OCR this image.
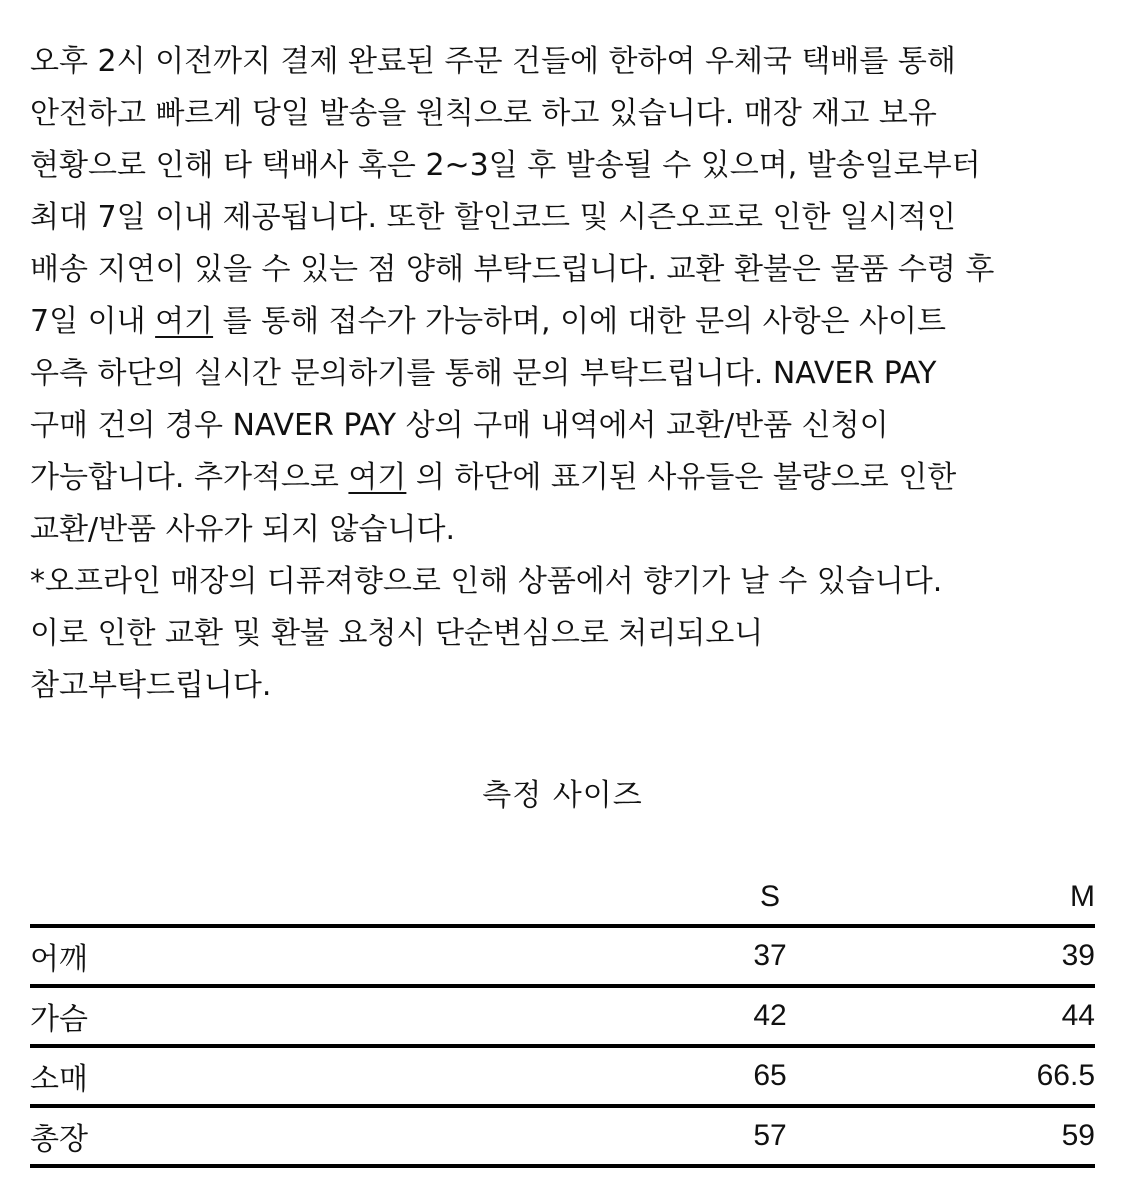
오후 2시 이전까지 결제 완료된 주문 건들에 한하여 우체국 택배를 통해
안전하고 빠르게 당일 발송을 원칙으로 하고 있습니다. 매장 재고 보유
현황으로 인해 타 택배사 혹은 2~3일 후 발송될 수 있으며, 발송일로부터
최대 7일 이내 제공됩니다. 또한 할인코드 및 시즌오프로 인한 일시적인
배송 지연이 있을 수 있는 점 양해 부탁드립니다. 교환 환불은 물품 수령 후
7일 이내 여기 를 통해 접수가 가능하며, 이에 대한 문의 사항은 사이트
우측 하단의 실시간 문의하기를 통해 문의 부탁드립니다. NAVER PAY
구매 건의 경우 NAVER PAY 상의 구매 내역에서 교환/반품 신청이
가능합니다. 추가적으로 여기 의 하단에 표기된 사유들은 불량으로 인한
교환/반품 사유가 되지 않습니다.
*오프라인 매장의 디퓨져향으로 인해 상품에서 향기가 날 수 있습니다.
이로 인한 교환 및 환불 요청시 단순변심으로 처리되오니
참고부탁드립니다.
측정 사이즈
	S	M
어깨	37	39
가슴	42	44
소매	65	66.5
총장	57	59
